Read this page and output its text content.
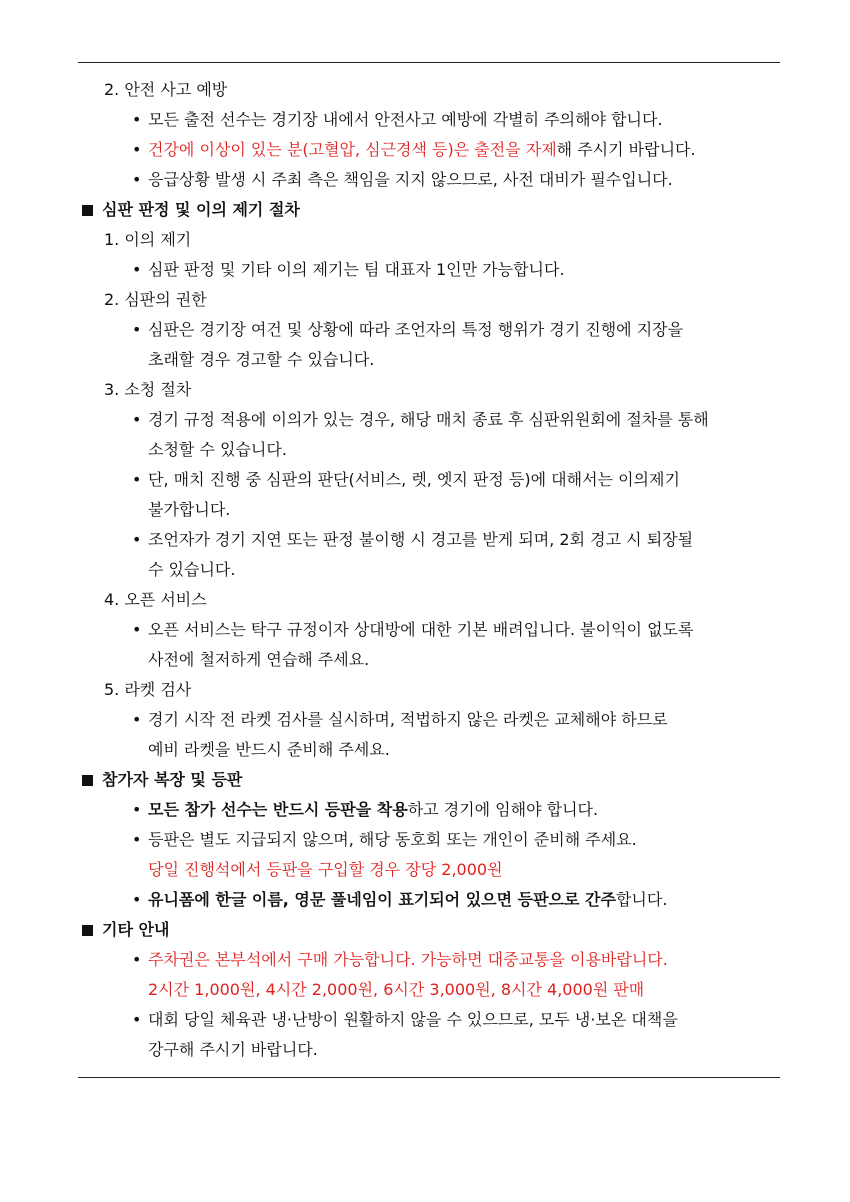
2. 안전 사고 예방
• 모든 출전 선수는 경기장 내에서 안전사고 예방에 각별히 주의해야 합니다.
• 건강에 이상이 있는 분(고혈압, 심근경색 등)은 출전을 자제해 주시기 바랍니다.
• 응급상황 발생 시 주최 측은 책임을 지지 않으므로, 사전 대비가 필수입니다.
심판 판정 및 이의 제기 절차
1. 이의 제기
• 심판 판정 및 기타 이의 제기는 팀 대표자 1인만 가능합니다.
2. 심판의 권한
• 심판은 경기장 여건 및 상황에 따라 조언자의 특정 행위가 경기 진행에 지장을
초래할 경우 경고할 수 있습니다.
3. 소청 절차
• 경기 규정 적용에 이의가 있는 경우, 해당 매치 종료 후 심판위원회에 절차를 통해
소청할 수 있습니다.
• 단, 매치 진행 중 심판의 판단(서비스, 렛, 엣지 판정 등)에 대해서는 이의제기
불가합니다.
• 조언자가 경기 지연 또는 판정 불이행 시 경고를 받게 되며, 2회 경고 시 퇴장될
수 있습니다.
4. 오픈 서비스
• 오픈 서비스는 탁구 규정이자 상대방에 대한 기본 배려입니다. 불이익이 없도록
사전에 철저하게 연습해 주세요.
5. 라켓 검사
• 경기 시작 전 라켓 검사를 실시하며, 적법하지 않은 라켓은 교체해야 하므로
예비 라켓을 반드시 준비해 주세요.
참가자 복장 및 등판
• 모든 참가 선수는 반드시 등판을 착용하고 경기에 임해야 합니다.
• 등판은 별도 지급되지 않으며, 해당 동호회 또는 개인이 준비해 주세요.
당일 진행석에서 등판을 구입할 경우 장당 2,000원
• 유니폼에 한글 이름, 영문 풀네임이 표기되어 있으면 등판으로 간주합니다.
기타 안내
• 주차권은 본부석에서 구매 가능합니다. 가능하면 대중교통을 이용바랍니다.
2시간 1,000원, 4시간 2,000원, 6시간 3,000원, 8시간 4,000원 판매
• 대회 당일 체육관 냉·난방이 원활하지 않을 수 있으므로, 모두 냉·보온 대책을
강구해 주시기 바랍니다.
